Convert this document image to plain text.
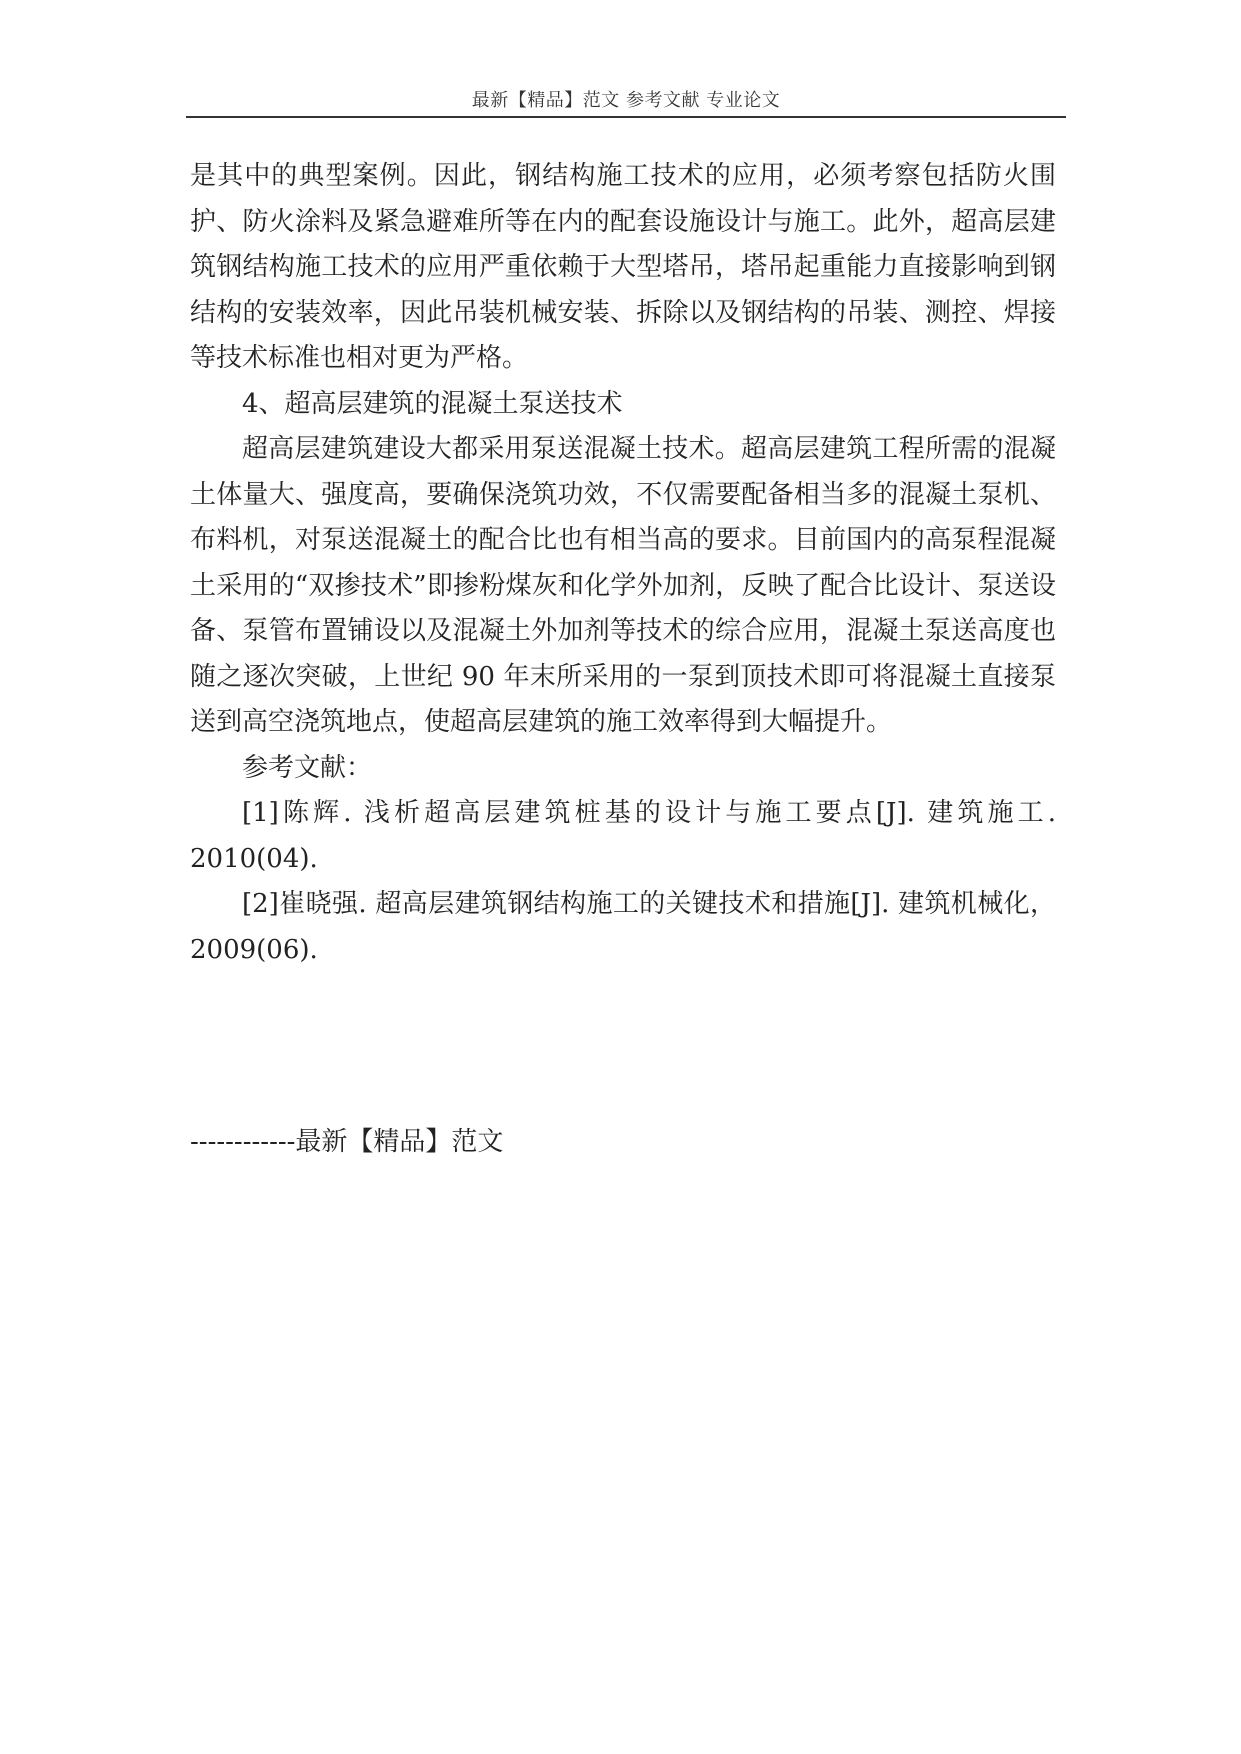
最新【精品】范文 参考文献 专业论文

是其中的典型案例。因此，钢结构施工技术的应用，必须考察包括防火围护、防火涂料及紧急避难所等在内的配套设施设计与施工。此外，超高层建筑钢结构施工技术的应用严重依赖于大型塔吊，塔吊起重能力直接影响到钢结构的安装效率，因此吊装机械安装、拆除以及钢结构的吊装、测控、焊接等技术标准也相对更为严格。

4、超高层建筑的混凝土泵送技术

超高层建筑建设大都采用泵送混凝土技术。超高层建筑工程所需的混凝土体量大、强度高，要确保浇筑功效，不仅需要配备相当多的混凝土泵机、布料机，对泵送混凝土的配合比也有相当高的要求。目前国内的高泵程混凝土采用的“双掺技术”即掺粉煤灰和化学外加剂，反映了配合比设计、泵送设备、泵管布置铺设以及混凝土外加剂等技术的综合应用，混凝土泵送高度也随之逐次突破，上世纪 90 年末所采用的一泵到顶技术即可将混凝土直接泵送到高空浇筑地点，使超高层建筑的施工效率得到大幅提升。

参考文献：

[1]陈辉. 浅析超高层建筑桩基的设计与施工要点[J]. 建筑施工. 2010(04).

[2]崔晓强. 超高层建筑钢结构施工的关键技术和措施[J]. 建筑机械化，2009(06).

------------最新【精品】范文
